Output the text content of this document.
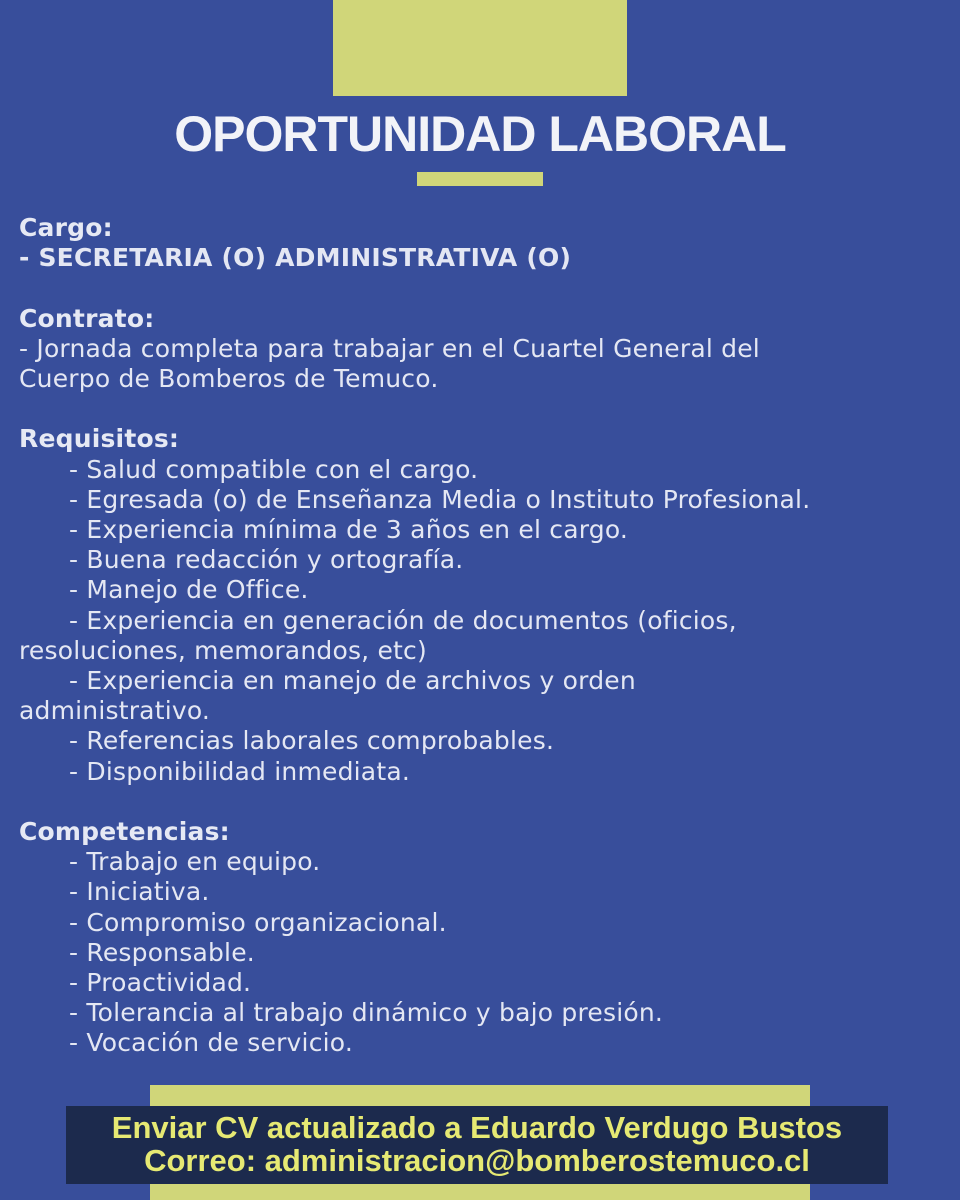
OPORTUNIDAD LABORAL
Cargo:
- SECRETARIA (O) ADMINISTRATIVA (O)
Contrato:
- Jornada completa para trabajar en el Cuartel General del
Cuerpo de Bomberos de Temuco.
Requisitos:
- Salud compatible con el cargo.
- Egresada (o) de Enseñanza Media o Instituto Profesional.
- Experiencia mínima de 3 años en el cargo.
- Buena redacción y ortografía.
- Manejo de Office.
- Experiencia en generación de documentos (oficios,
resoluciones, memorandos, etc)
- Experiencia en manejo de archivos y orden
administrativo.
- Referencias laborales comprobables.
- Disponibilidad inmediata.
Competencias:
- Trabajo en equipo.
- Iniciativa.
- Compromiso organizacional.
- Responsable.
- Proactividad.
- Tolerancia al trabajo dinámico y bajo presión.
- Vocación de servicio.

Enviar CV actualizado a Eduardo Verdugo Bustos

Correo: administracion@bomberostemuco.cl
